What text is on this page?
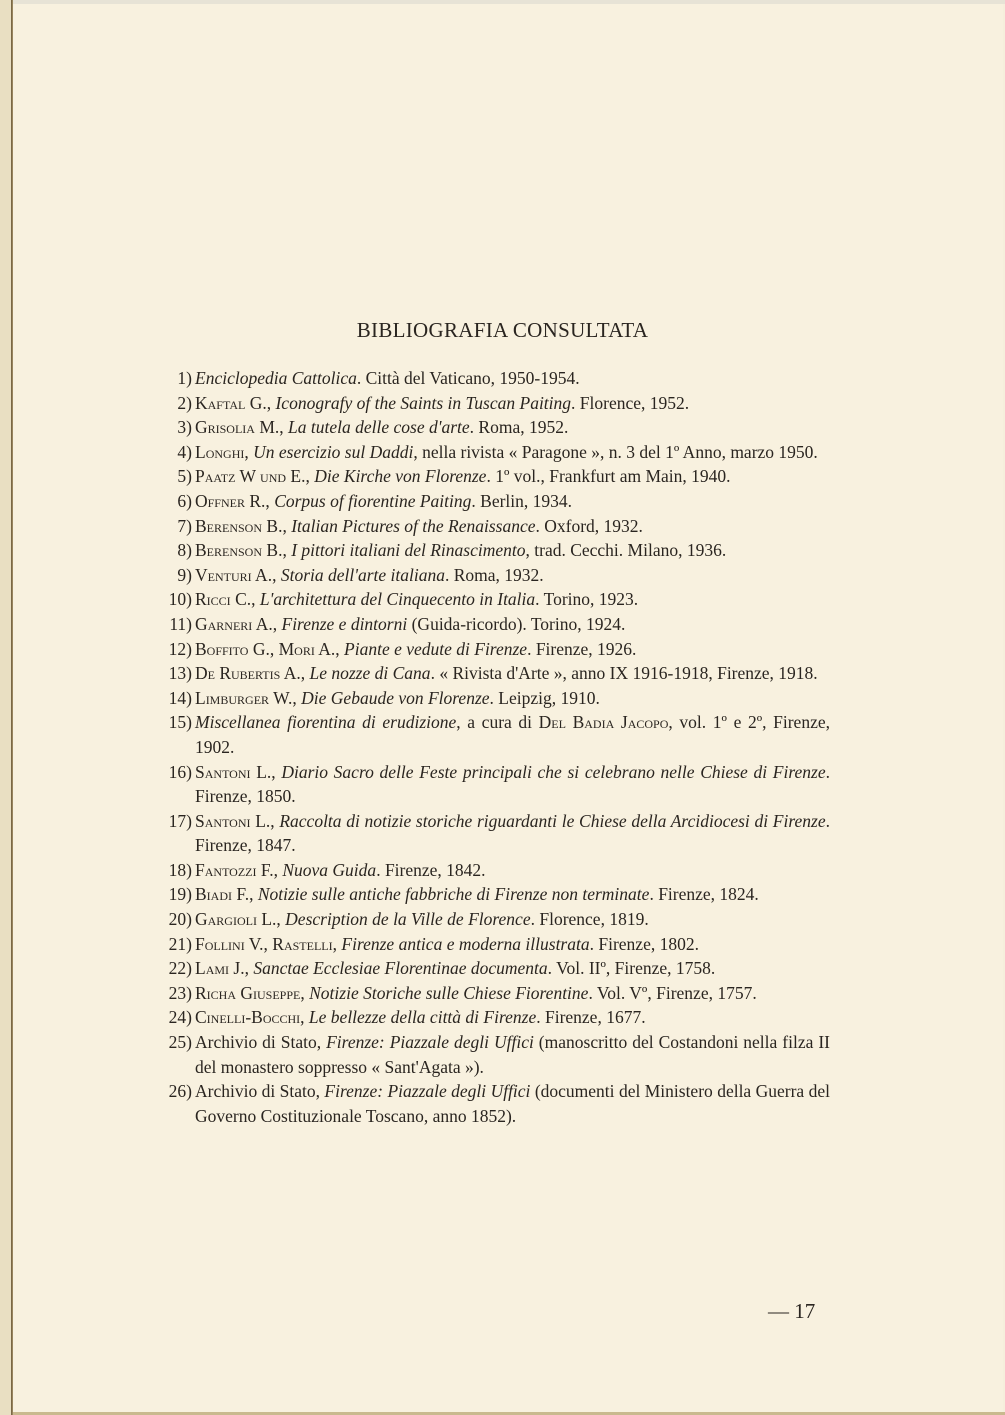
BIBLIOGRAFIA CONSULTATA
1) Enciclopedia Cattolica. Città del Vaticano, 1950-1954.
2) Kaftal G., Iconografy of the Saints in Tuscan Paiting. Florence, 1952.
3) Grisolia M., La tutela delle cose d'arte. Roma, 1952.
4) Longhi, Un esercizio sul Daddi, nella rivista « Paragone », n. 3 del 1º Anno, marzo 1950.
5) Paatz W und E., Die Kirche von Florenze. 1º vol., Frankfurt am Main, 1940.
6) Offner R., Corpus of fiorentine Paiting. Berlin, 1934.
7) Berenson B., Italian Pictures of the Renaissance. Oxford, 1932.
8) Berenson B., I pittori italiani del Rinascimento, trad. Cecchi. Milano, 1936.
9) Venturi A., Storia dell'arte italiana. Roma, 1932.
10) Ricci C., L'architettura del Cinquecento in Italia. Torino, 1923.
11) Garneri A., Firenze e dintorni (Guida-ricordo). Torino, 1924.
12) Boffito G., Mori A., Piante e vedute di Firenze. Firenze, 1926.
13) De Rubertis A., Le nozze di Cana. « Rivista d'Arte », anno IX 1916-1918, Firenze, 1918.
14) Limburger W., Die Gebaude von Florenze. Leipzig, 1910.
15) Miscellanea fiorentina di erudizione, a cura di Del Badia Jacopo, vol. 1º e 2º, Firenze, 1902.
16) Santoni L., Diario Sacro delle Feste principali che si celebrano nelle Chiese di Firenze. Firenze, 1850.
17) Santoni L., Raccolta di notizie storiche riguardanti le Chiese della Arcidiocesi di Firenze. Firenze, 1847.
18) Fantozzi F., Nuova Guida. Firenze, 1842.
19) Biadi F., Notizie sulle antiche fabbriche di Firenze non terminate. Firenze, 1824.
20) Gargioli L., Description de la Ville de Florence. Florence, 1819.
21) Follini V., Rastelli, Firenze antica e moderna illustrata. Firenze, 1802.
22) Lami J., Sanctae Ecclesiae Florentinae documenta. Vol. IIº, Firenze, 1758.
23) Richa Giuseppe, Notizie Storiche sulle Chiese Fiorentine. Vol. Vº, Firenze, 1757.
24) Cinelli-Bocchi, Le bellezze della città di Firenze. Firenze, 1677.
25) Archivio di Stato, Firenze: Piazzale degli Uffici (manoscritto del Costandoni nella filza II del monastero soppresso « Sant'Agata »).
26) Archivio di Stato, Firenze: Piazzale degli Uffici (documenti del Ministero della Guerra del Governo Costituzionale Toscano, anno 1852).
— 17
